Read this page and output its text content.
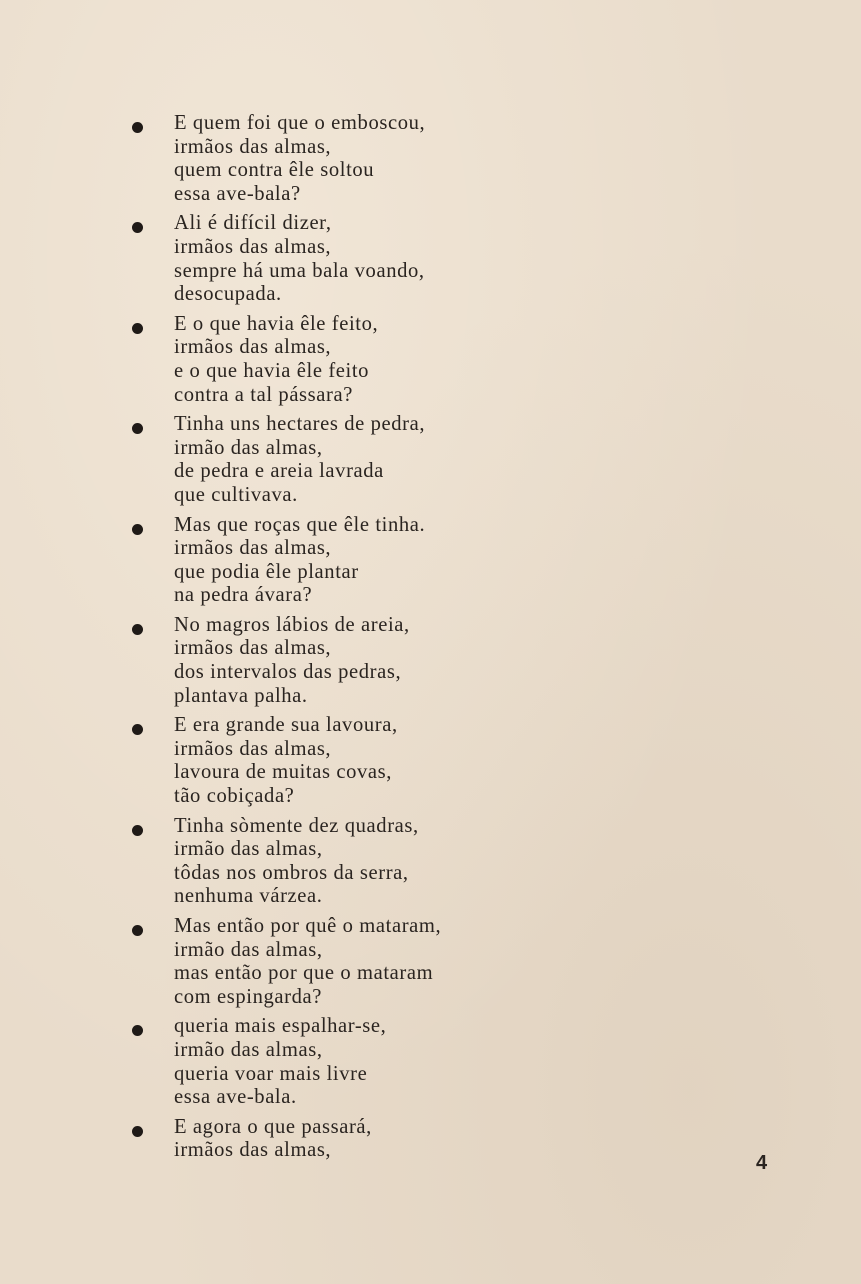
E quem foi que o emboscou,
irmãos das almas,
quem contra êle soltou
essa ave-bala?
Ali é difícil dizer,
irmãos das almas,
sempre há uma bala voando,
desocupada.
E o que havia êle feito,
irmãos das almas,
e o que havia êle feito
contra a tal pássara?
Tinha uns hectares de pedra,
irmão das almas,
de pedra e areia lavrada
que cultivava.
Mas que roças que êle tinha.
irmãos das almas,
que podia êle plantar
na pedra ávara?
No magros lábios de areia,
irmãos das almas,
dos intervalos das pedras,
plantava palha.
E era grande sua lavoura,
irmãos das almas,
lavoura de muitas covas,
tão cobiçada?
Tinha sòmente dez quadras,
irmão das almas,
tôdas nos ombros da serra,
nenhuma várzea.
Mas então por quê o mataram,
irmão das almas,
mas então por que o mataram
com espingarda?
queria mais espalhar-se,
irmão das almas,
queria voar mais livre
essa ave-bala.
E agora o que passará,
irmãos das almas,
4
